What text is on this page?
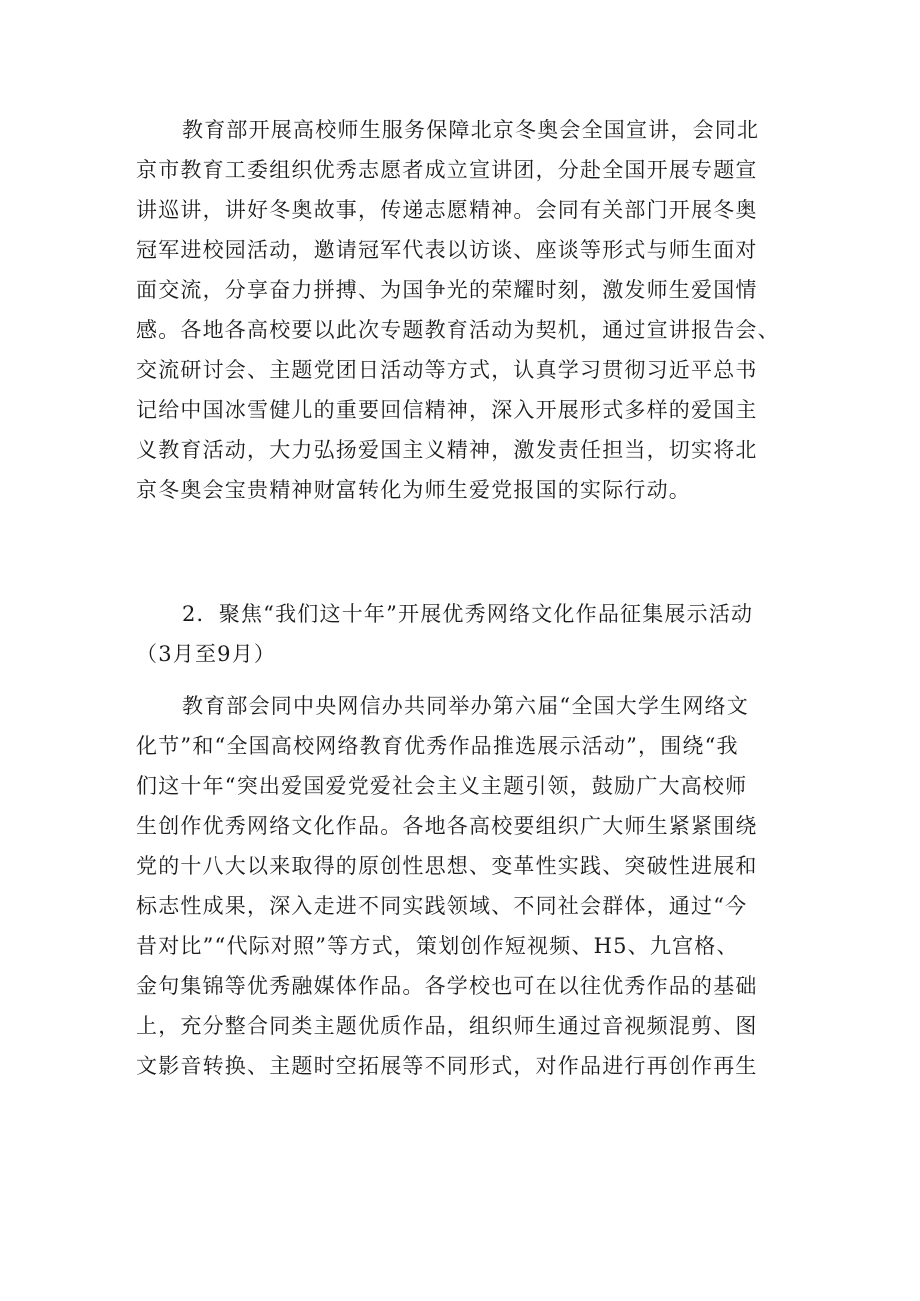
教育部开展高校师生服务保障北京冬奥会全国宣讲，会同北
京市教育工委组织优秀志愿者成立宣讲团，分赴全国开展专题宣
讲巡讲，讲好冬奥故事，传递志愿精神。会同有关部门开展冬奥
冠军进校园活动，邀请冠军代表以访谈、座谈等形式与师生面对
面交流，分享奋力拼搏、为国争光的荣耀时刻，激发师生爱国情
感。各地各高校要以此次专题教育活动为契机，通过宣讲报告会、
交流研讨会、主题党团日活动等方式，认真学习贯彻习近平总书
记给中国冰雪健儿的重要回信精神，深入开展形式多样的爱国主
义教育活动，大力弘扬爱国主义精神，激发责任担当，切实将北
京冬奥会宝贵精神财富转化为师生爱党报国的实际行动。
2．聚焦“我们这十年”开展优秀网络文化作品征集展示活动
（3月至9月）
教育部会同中央网信办共同举办第六届“全国大学生网络文
化节”和“全国高校网络教育优秀作品推选展示活动”，围绕“我
们这十年“突出爱国爱党爱社会主义主题引领，鼓励广大高校师
生创作优秀网络文化作品。各地各高校要组织广大师生紧紧围绕
党的十八大以来取得的原创性思想、变革性实践、突破性进展和
标志性成果，深入走进不同实践领域、不同社会群体，通过“今
昔对比”“代际对照”等方式，策划创作短视频、H5、九宫格、
金句集锦等优秀融媒体作品。各学校也可在以往优秀作品的基础
上，充分整合同类主题优质作品，组织师生通过音视频混剪、图
文影音转换、主题时空拓展等不同形式，对作品进行再创作再生
